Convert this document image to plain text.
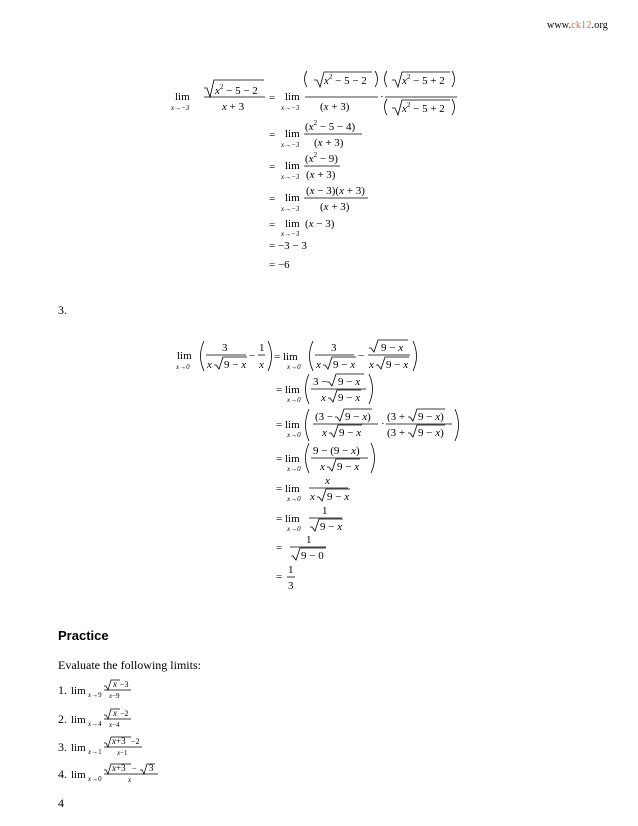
www.ck12.org
lim
x→−3
$x^2 - 5 - 2$
x + 3
= lim
x→−3
$x^2 - 5 - 2$
(x + 3)
·
$x^2 - 5 + 2$
$x^2 - 5 + 2$
= lim
x→−3
$(x^2 - 5 - 4)$
(x + 3)
= lim
x→−3
$(x^2 - 9)$
(x + 3)
= lim
x→−3
(x − 3)(x + 3)
(x + 3)
= lim
x→−3
(x − 3)
= −3 − 3
= −6
3.
lim
x→0
3
x 9 − x
−
1
x
= lim
x→0
3
x 9 − x
−
9 − x
x 9 − x
= lim
x→0
3 − 9 − x
x 9 − x
= lim
x→0
(3 − 9 − x)
x 9 − x
·
(3 + 9 − x)
(3 + 9 − x)
= lim
x→0
9 − (9 − x)
x 9 − x
= lim
x→0
x
x 9 − x
= lim
x→0
1
9 − x
=
1
9 − 0
=
1
3
Practice
Evaluate the following limits:
1.
2.
3.
4.
lim x→9
x −3
x−9
lim x→4
x −2
x−4
lim x→1
x+3 −2
x−1
lim x→0
x+3 − 3
x
4
